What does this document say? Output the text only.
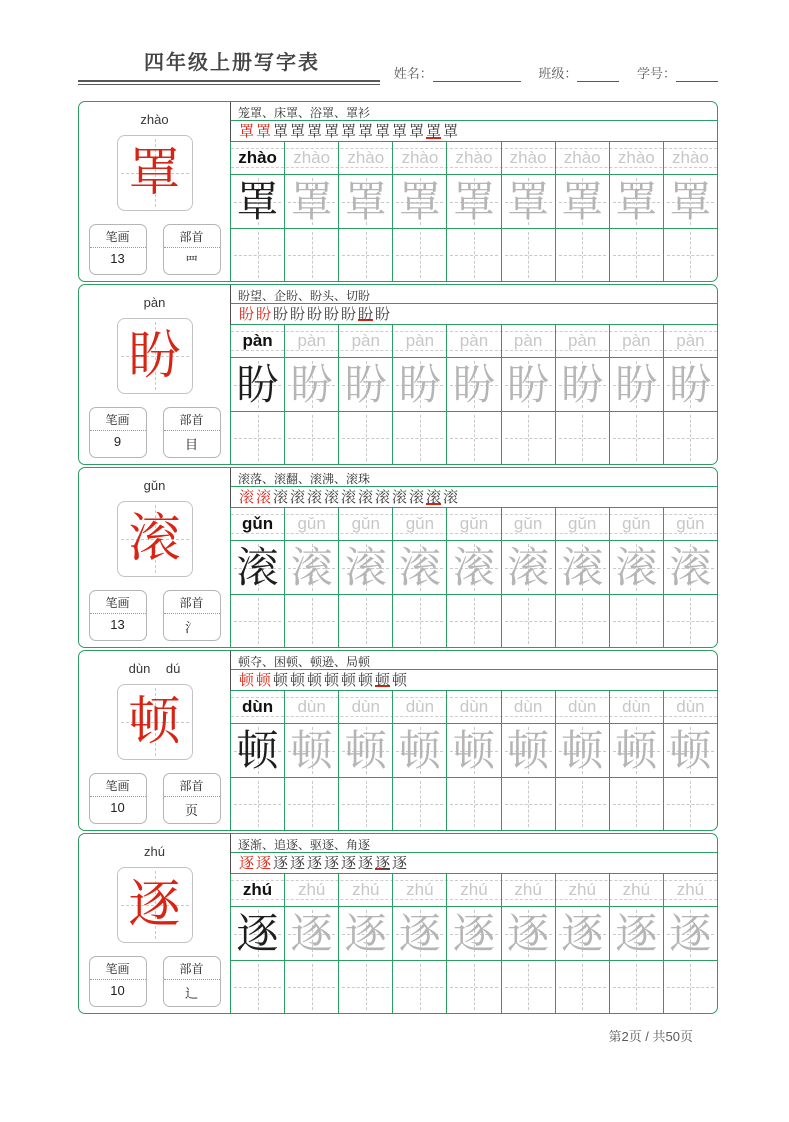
四年级上册写字表	姓名：	班级：	学号：
zhào
罩
笔画
13
部首
罒
笼罩、床罩、浴罩、罩衫
罩 罩 罩 罩 罩 罩 罩 罩 罩 罩 罩 罩 罩
zhào zhào	zhào	zhào	zhào	zhào	zhào	zhào	zhào
罩 罩 罩 罩 罩 罩 罩 罩 罩
pàn
盼
笔画
9
部首
目
盼望、企盼、盼头、切盼
盼 盼 盼 盼 盼 盼 盼 盼 盼
pàn	pàn	pàn	pàn	pàn	pàn	pàn	pàn	pàn
盼 盼 盼 盼 盼 盼 盼 盼 盼
gǔn
滚
笔画
13
部首
氵
滚落、滚翻、滚沸、滚珠
滚 滚 滚 滚 滚 滚 滚 滚 滚 滚 滚 滚 滚
gǔn	gǔn	gǔn	gǔn	gǔn	gǔn	gǔn	gǔn	gǔn
滚 滚 滚 滚 滚 滚 滚 滚 滚
dùn dú
顿
笔画
10
部首
页
顿夺、困顿、顿逊、局顿
顿 顿 顿 顿 顿 顿 顿 顿 顿 顿
dùn	dùn	dùn	dùn	dùn	dùn	dùn	dùn	dùn
顿 顿 顿 顿 顿 顿 顿 顿 顿
zhú
逐
笔画
10
部首
辶
逐渐、追逐、驱逐、角逐
逐 逐 逐 逐 逐 逐 逐 逐 逐 逐
zhú	zhú	zhú	zhú	zhú	zhú	zhú	zhú	zhú
逐 逐 逐 逐 逐 逐 逐 逐 逐
第2页 / 共50页
